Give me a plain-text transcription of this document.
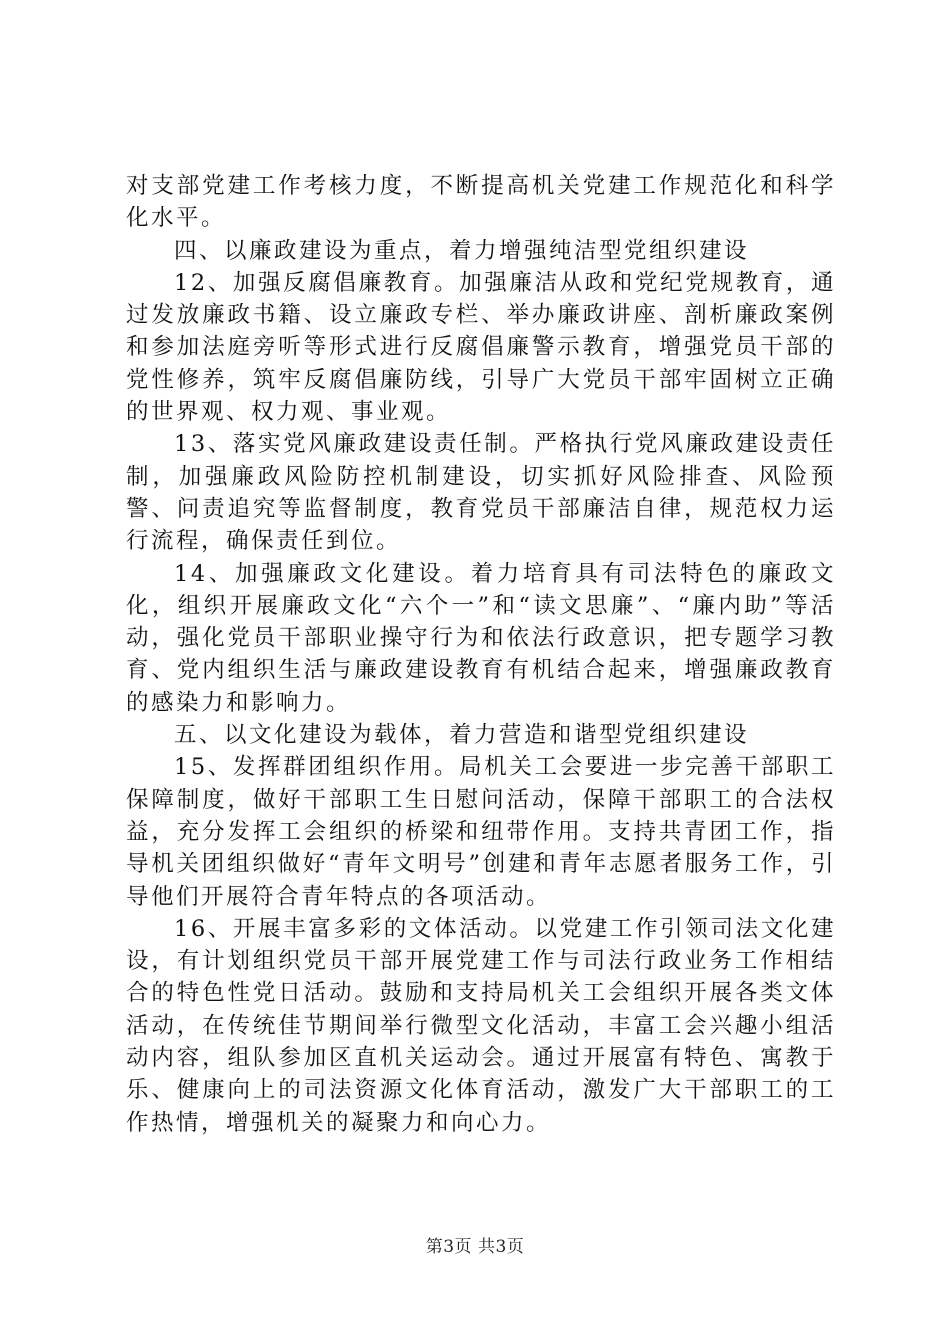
对支部党建工作考核力度，不断提高机关党建工作规范化和科学化水平。

四、以廉政建设为重点，着力增强纯洁型党组织建设

12、加强反腐倡廉教育。加强廉洁从政和党纪党规教育，通过发放廉政书籍、设立廉政专栏、举办廉政讲座、剖析廉政案例和参加法庭旁听等形式进行反腐倡廉警示教育，增强党员干部的党性修养，筑牢反腐倡廉防线，引导广大党员干部牢固树立正确的世界观、权力观、事业观。

13、落实党风廉政建设责任制。严格执行党风廉政建设责任制，加强廉政风险防控机制建设，切实抓好风险排查、风险预警、问责追究等监督制度，教育党员干部廉洁自律，规范权力运行流程，确保责任到位。

14、加强廉政文化建设。着力培育具有司法特色的廉政文化，组织开展廉政文化“六个一”和“读文思廉”、“廉内助”等活动，强化党员干部职业操守行为和依法行政意识，把专题学习教育、党内组织生活与廉政建设教育有机结合起来，增强廉政教育的感染力和影响力。

五、以文化建设为载体，着力营造和谐型党组织建设

15、发挥群团组织作用。局机关工会要进一步完善干部职工保障制度，做好干部职工生日慰问活动，保障干部职工的合法权益，充分发挥工会组织的桥梁和纽带作用。支持共青团工作，指导机关团组织做好“青年文明号”创建和青年志愿者服务工作，引导他们开展符合青年特点的各项活动。

16、开展丰富多彩的文体活动。以党建工作引领司法文化建设，有计划组织党员干部开展党建工作与司法行政业务工作相结合的特色性党日活动。鼓励和支持局机关工会组织开展各类文体活动，在传统佳节期间举行微型文化活动，丰富工会兴趣小组活动内容，组队参加区直机关运动会。通过开展富有特色、寓教于乐、健康向上的司法资源文化体育活动，激发广大干部职工的工作热情，增强机关的凝聚力和向心力。

第3页 共3页
